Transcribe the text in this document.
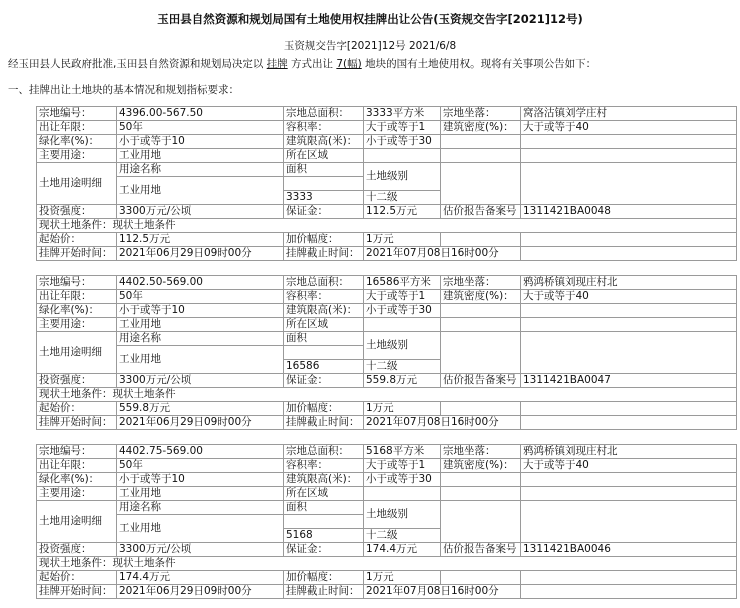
玉田县自然资源和规划局国有土地使用权挂牌出让公告(玉资规交告字[2021]12号)
玉资规交告字[2021]12号 2021/6/8
经玉田县人民政府批准,玉田县自然资源和规划局决定以 挂牌 方式出让 7(幅) 地块的国有土地使用权。现将有关事项公告如下：
一、挂牌出让土地块的基本情况和规划指标要求：
宗地编号：	4396.00-567.50	宗地总面积：	3333平方米	宗地坐落：	窝洛沽镇刘学庄村
出让年限：	50年	容积率：	大于或等于1	建筑密度(%)：	大于或等于40
绿化率(%)：	小于或等于10	建筑限高(米)：	小于或等于30		
主要用途：	工业用地	所在区域			
土地用途明细	用途名称	面积	土地级别		
	工业用地				
		3333	十二级		
投资强度：	3300万元/公顷	保证金：	112.5万元	估价报告备案号	1311421BA0048
现状土地条件：现状土地条件					
起始价：	112.5万元	加价幅度：	1万元		
挂牌开始时间：	2021年06月29日09时00分	挂牌截止时间：	2021年07月08日16时00分		
宗地编号：	4402.50-569.00	宗地总面积：	16586平方米	宗地坐落：	鸦鸿桥镇刘现庄村北
出让年限：	50年	容积率：	大于或等于1	建筑密度(%)：	大于或等于40
绿化率(%)：	小于或等于10	建筑限高(米)：	小于或等于30		
主要用途：	工业用地	所在区域			
土地用途明细	用途名称	面积	土地级别		
	工业用地				
		16586	十二级		
投资强度：	3300万元/公顷	保证金：	559.8万元	估价报告备案号	1311421BA0047
现状土地条件：现状土地条件					
起始价：	559.8万元	加价幅度：	1万元		
挂牌开始时间：	2021年06月29日09时00分	挂牌截止时间：	2021年07月08日16时00分		
宗地编号：	4402.75-569.00	宗地总面积：	5168平方米	宗地坐落：	鸦鸿桥镇刘现庄村北
出让年限：	50年	容积率：	大于或等于1	建筑密度(%)：	大于或等于40
绿化率(%)：	小于或等于10	建筑限高(米)：	小于或等于30		
主要用途：	工业用地	所在区域			
土地用途明细	用途名称	面积	土地级别		
	工业用地				
		5168	十二级		
投资强度：	3300万元/公顷	保证金：	174.4万元	估价报告备案号	1311421BA0046
现状土地条件：现状土地条件					
起始价：	174.4万元	加价幅度：	1万元		
挂牌开始时间：	2021年06月29日09时00分	挂牌截止时间：	2021年07月08日16时00分		
